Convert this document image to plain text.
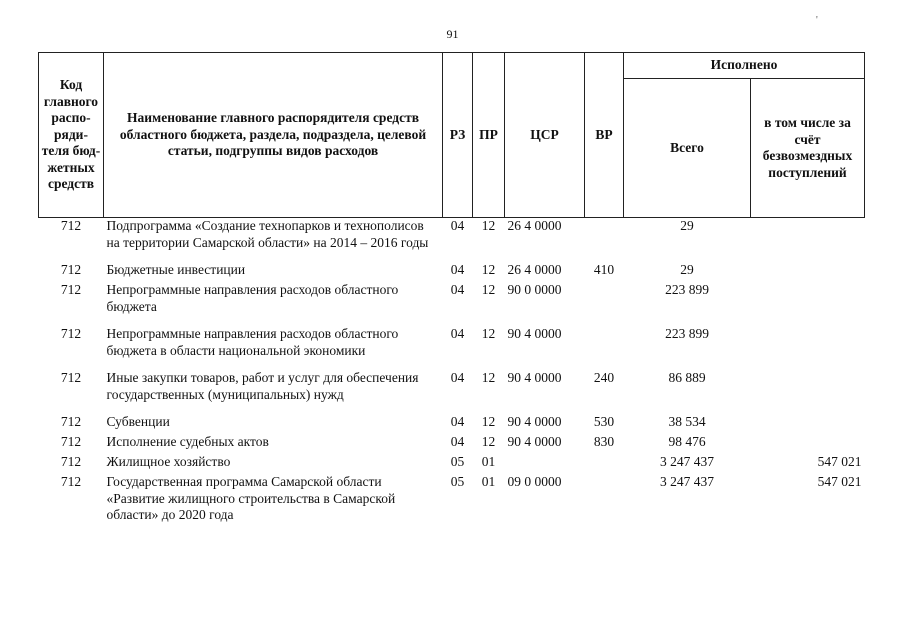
91
'
Код главного распо-ряди-теля бюд-жетных средств	Наименование главного распорядителя средств областного бюджета, раздела, подраздела, целевой статьи, подгруппы видов расходов	РЗ	ПР	ЦСР	ВР	Исполнено	
						Всего	в том числе за счёт безвозмездных поступлений
712	Подпрограмма «Создание технопарков и технополисов на территории Самарской области» на 2014 – 2016 годы	04	12	26 4 0000		29	
712	Бюджетные инвестиции	04	12	26 4 0000	410	29	
712	Непрограммные направления расходов областного бюджета	04	12	90 0 0000		223 899	
712	Непрограммные направления расходов областного бюджета в области национальной экономики	04	12	90 4 0000		223 899	
712	Иные закупки товаров, работ и услуг для обеспечения государственных (муниципальных) нужд	04	12	90 4 0000	240	86 889	
712	Субвенции	04	12	90 4 0000	530	38 534	
712	Исполнение судебных актов	04	12	90 4 0000	830	98 476	
712	Жилищное хозяйство	05	01			3 247 437	547 021
712	Государственная программа Самарской области «Развитие жилищного строительства в Самарской области» до 2020 года	05	01	09 0 0000		3 247 437	547 021
